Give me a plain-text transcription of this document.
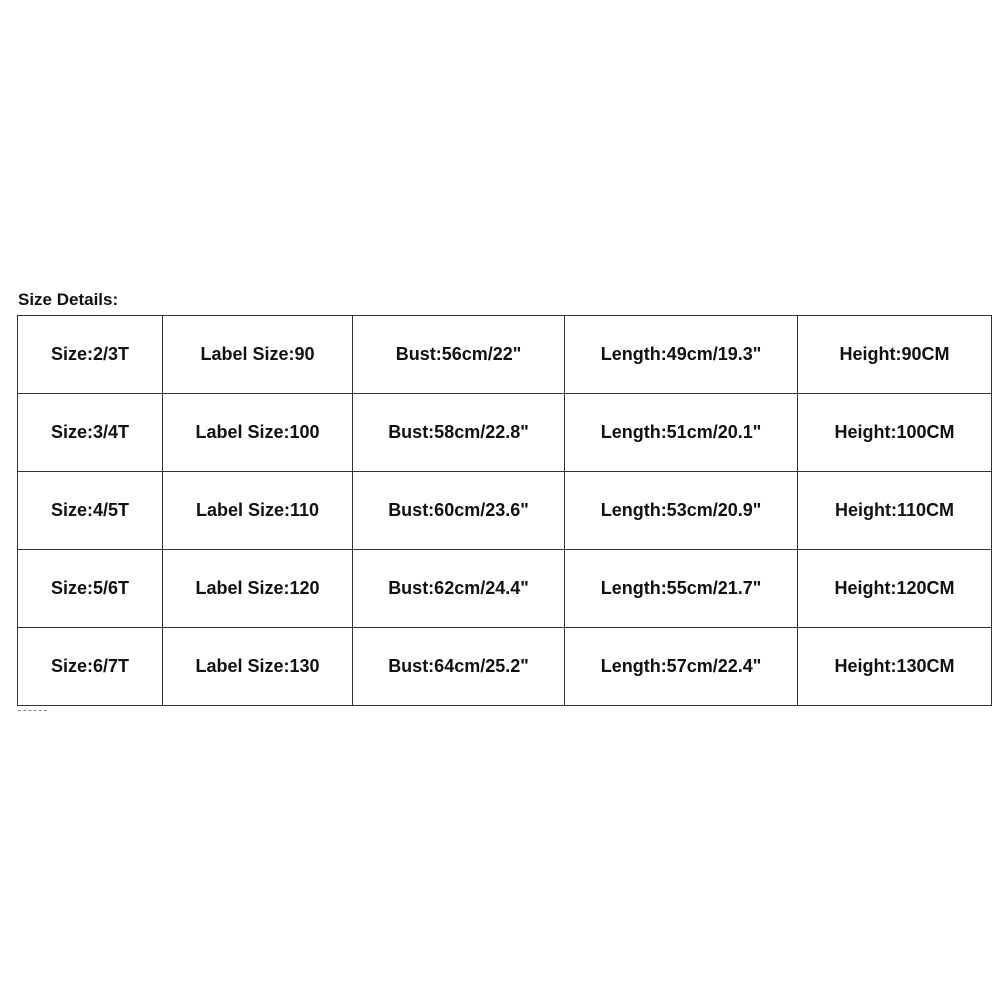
Size Details:
Size:2/3T	Label Size:90	Bust:56cm/22"	Length:49cm/19.3"	Height:90CM
Size:3/4T	Label Size:100	Bust:58cm/22.8"	Length:51cm/20.1"	Height:100CM
Size:4/5T	Label Size:110	Bust:60cm/23.6"	Length:53cm/20.9"	Height:110CM
Size:5/6T	Label Size:120	Bust:62cm/24.4"	Length:55cm/21.7"	Height:120CM
Size:6/7T	Label Size:130	Bust:64cm/25.2"	Length:57cm/22.4"	Height:130CM
